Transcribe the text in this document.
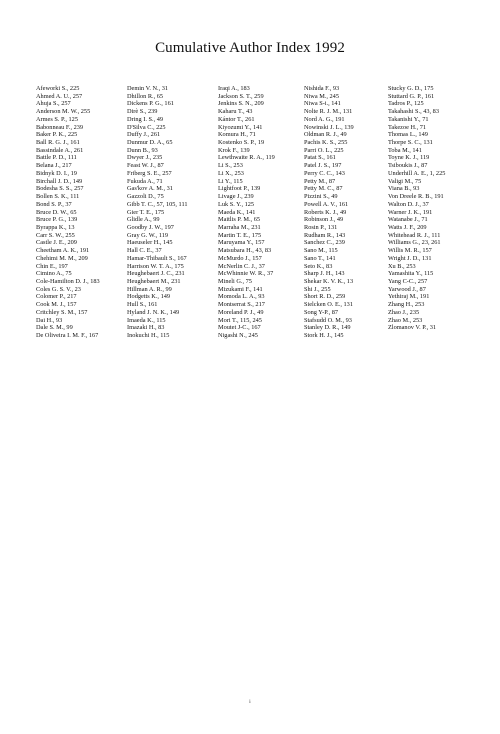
Cumulative Author Index 1992
Afeworki S., 225
Ahmed A. U., 257
Ahuja S., 257
Anderson M. W., 255
Armes S. P., 125
Babonneau F., 239
Baker P. K., 225
Ball R. G. J., 161
Bassindale A., 261
Battle P. D., 111
Belana J., 217
Bidnyk D. I., 19
Birchall J. D., 149
Bodesha S. S., 257
Bollen S. K., 111
Bond S. P., 37
Bruce D. W., 65
Bruce P. G., 139
Byrappa K., 13
Carr S. W., 255
Castle J. E., 209
Cheetham A. K., 191
Chehimi M. M., 209
Chin E., 197
Cimino A., 75
Cole-Hamilton D. J., 183
Coles G. S. V., 23
Colomer P., 217
Cook M. J., 157
Critchley S. M., 157
Dai H., 93
Dale S. M., 99
De Oliveira I. M. F., 167
Demin V. N., 31
Dhillon R., 65
Dickens P. G., 161
Dirè S., 239
Dring I. S., 49
D'Silva C., 225
Duffy J., 261
Dunmur D. A., 65
Dunn B., 93
Dwyer J., 235
Feast W. J., 87
Friberg S. E., 257
Fukuda A., 71
Gas'kov A. M., 31
Gazzoli D., 75
Gibb T. C., 57, 105, 111
Gier T. E., 175
Glidle A., 99
Goodby J. W., 197
Gray G. W., 119
Haeuseler H., 145
Hall C. E., 37
Hamar-Thibault S., 167
Harrison W. T. A., 175
Heughebaert J. C., 231
Heughebaert M., 231
Hillman A. R., 99
Hodgetts K., 149
Hull S., 161
Hyland J. N. K., 149
Imaeda K., 115
Imazaki H., 83
Inokuchi H., 115
Iraqi A., 183
Jackson S. T., 259
Jenkins S. N., 209
Kaharu T., 43
Kántor T., 261
Kiyozumi Y., 141
Komura H., 71
Kostenko S. P., 19
Krok F., 139
Lewthwaite R. A., 119
Li S., 253
Li X., 253
Li Y., 115
Lightfoot P., 139
Livage J., 239
Luk S. Y., 125
Maeda K., 141
Maitlis P. M., 65
Marraha M., 231
Martin T. E., 175
Maruyama Y., 157
Matsubara H., 43, 83
McMurdo J., 157
McNerlin C. J., 37
McWhinnie W. R., 37
Mineli G., 75
Mizukami F., 141
Momoda L. A., 93
Montserrat S., 217
Moreland P. J., 49
Mori T., 115, 245
Moutet J-C., 167
Nigashi N., 245
Nishida F., 93
Niwa M., 245
Niwa S-i., 141
Nolte R. J. M., 131
Nord A. G., 191
Nowinski J. L., 139
Oldman R. J., 49
Pachis K. S., 255
Parri O. L., 225
Patat S., 161
Patel J. S., 197
Perry C. C., 143
Petty M., 87
Petty M. C., 87
Pizzini S., 49
Powell A. V., 161
Roberts K. J., 49
Robinson J., 49
Rosin P., 131
Rudham R., 143
Sanchez C., 239
Sano M., 115
Sano T., 141
Seto K., 83
Sharp J. H., 143
Shekar K. V. K., 13
Shi J., 255
Short R. D., 259
Sielcken O. E., 131
Song Y-P., 87
Stafsudd O. M., 93
Stanley D. R., 149
Stork H. J., 145
Stucky G. D., 175
Stuttard G. P., 161
Tadros P., 125
Takahashi S., 43, 83
Takanishi Y., 71
Takezoe H., 71
Thomas L., 149
Thorpe S. C., 131
Toba M., 141
Toyne K. J., 119
Tsiboukis J., 87
Underhill A. E., 1, 225
Valigi M., 75
Viana B., 93
Von Dreele R. B., 191
Walton D. J., 37
Warner J. K., 191
Watanabe J., 71
Watts J. F., 209
Whitehead R. J., 111
Williams G., 23, 261
Willis M. R., 157
Wright J. D., 131
Xu B., 253
Yamashita Y., 115
Yang C-C., 257
Yarwood J., 87
Yethiraj M., 191
Zhang H., 253
Zhao J., 235
Zhao M., 253
Zlomanov V. P., 31
i
